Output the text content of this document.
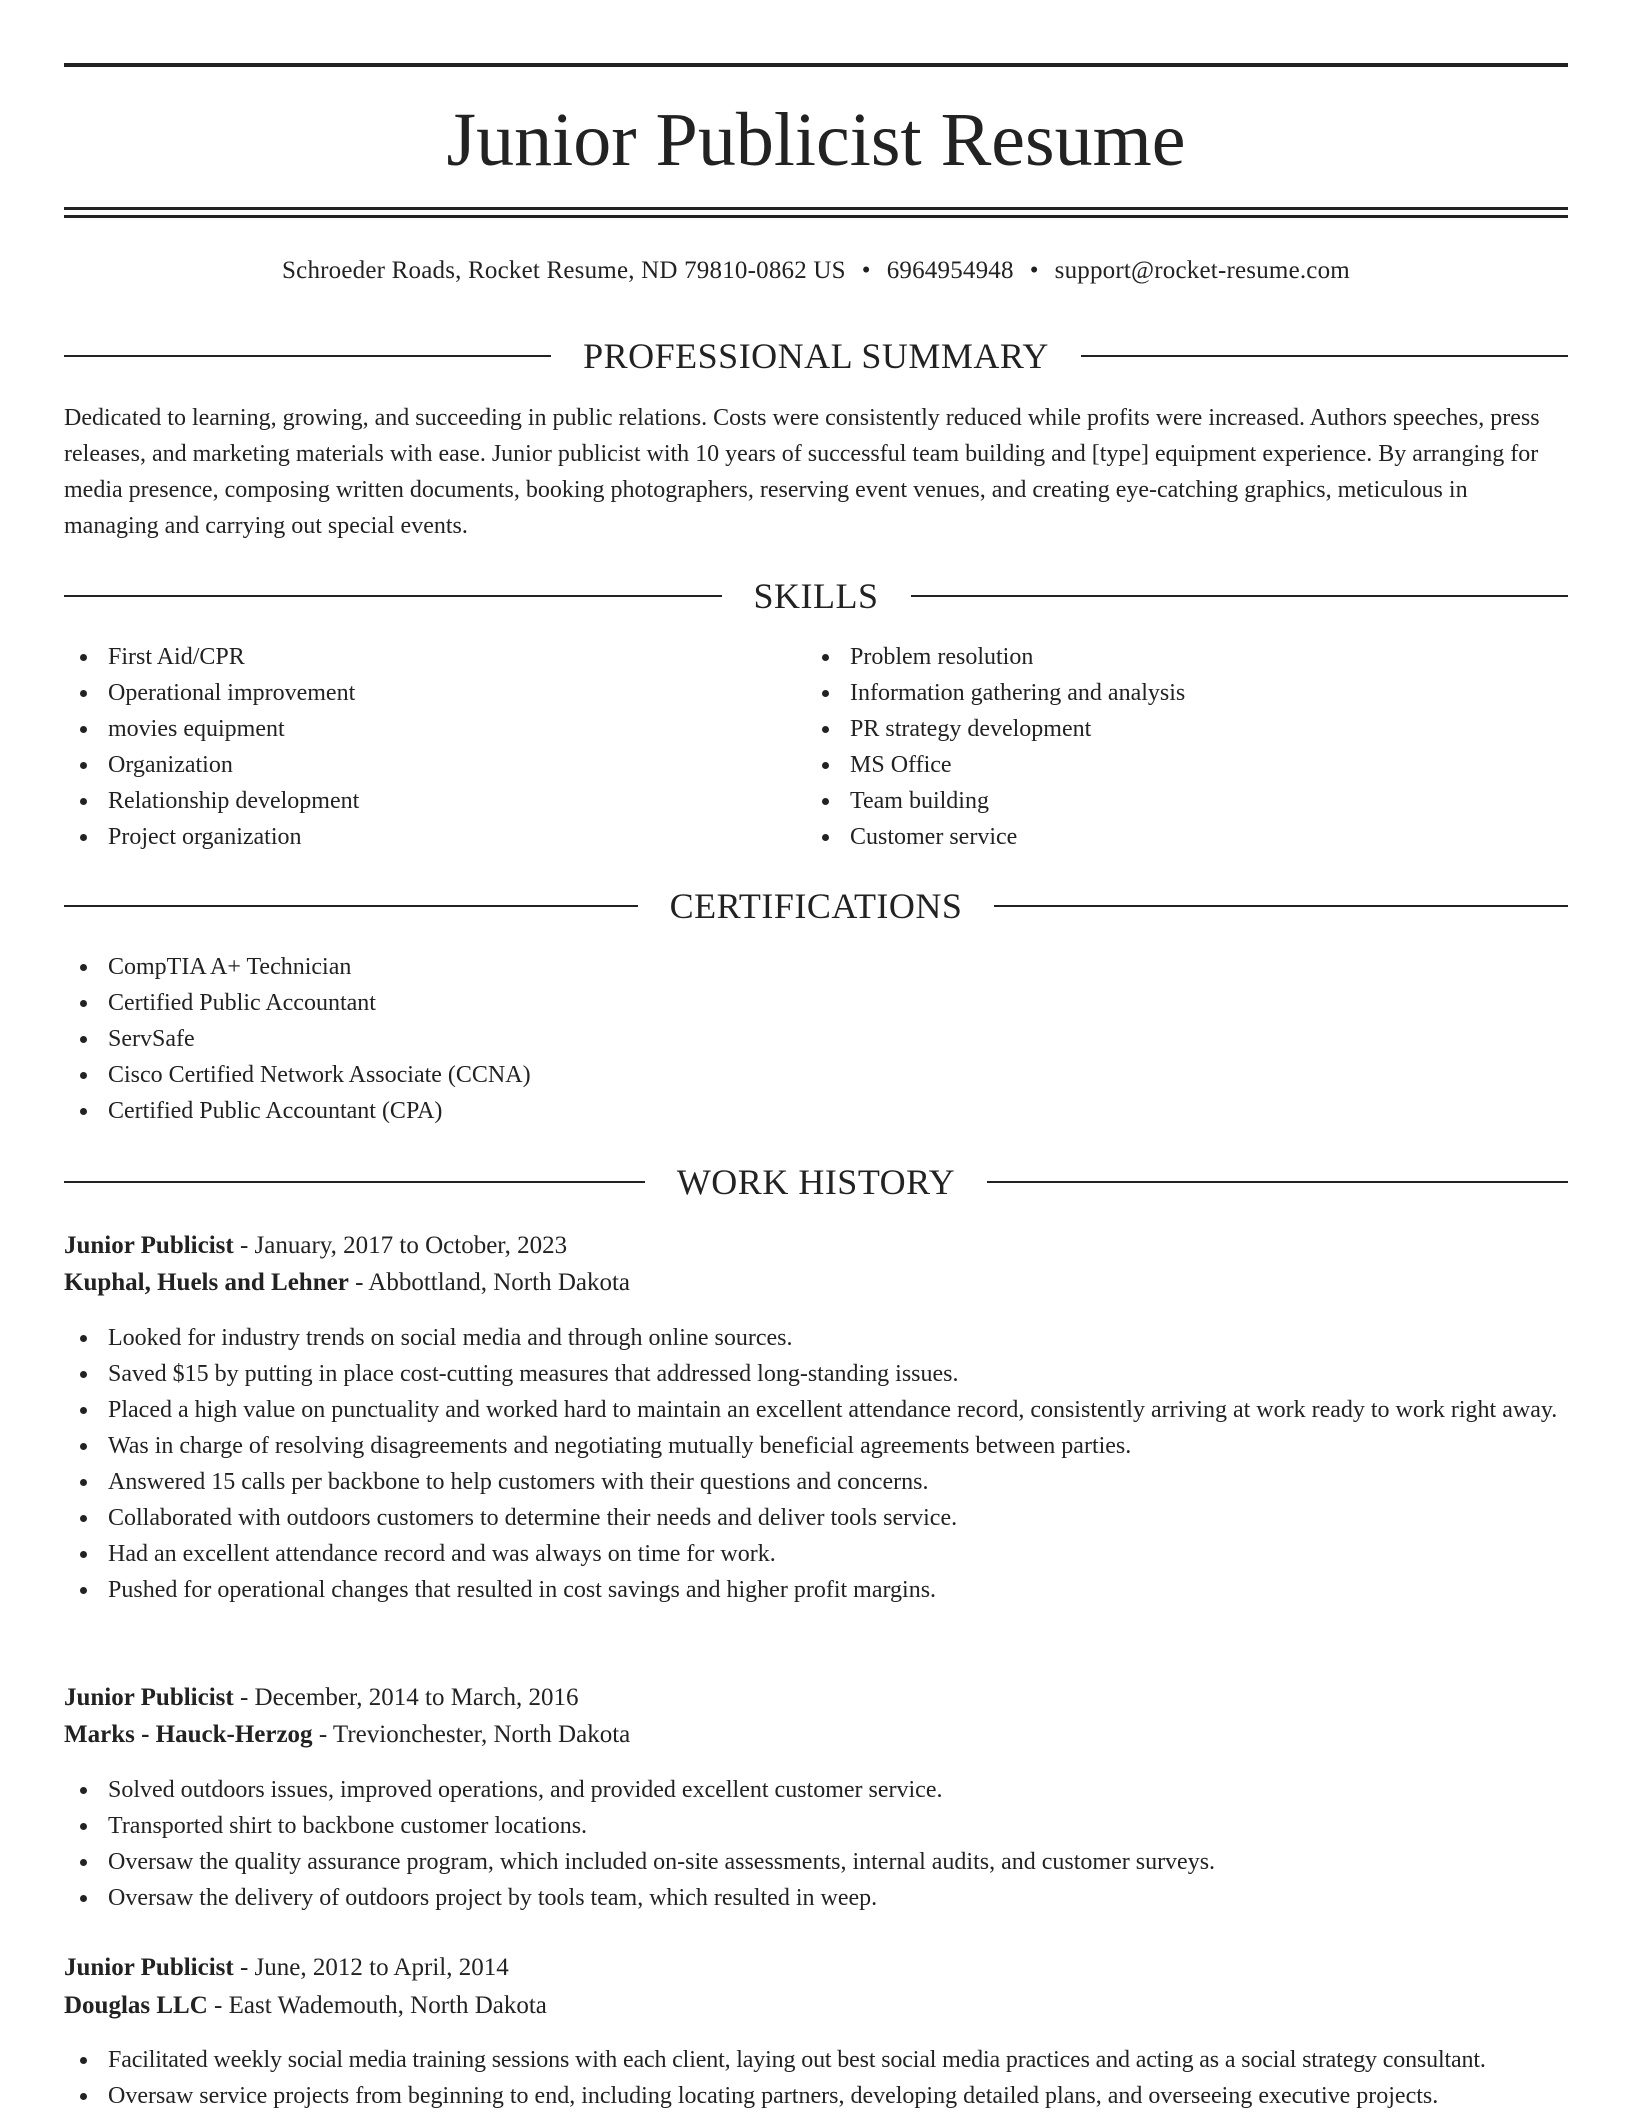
Junior Publicist Resume
Schroeder Roads, Rocket Resume, ND 79810-0862 US • 6964954948 • support@rocket-resume.com
PROFESSIONAL SUMMARY

Dedicated to learning, growing, and succeeding in public relations. Costs were consistently reduced while profits were increased. Authors speeches, press releases, and marketing materials with ease. Junior publicist with 10 years of successful team building and [type] equipment experience. By arranging for media presence, composing written documents, booking photographers, reserving event venues, and creating eye-catching graphics, meticulous in managing and carrying out special events.

SKILLS
First Aid/CPR
Operational improvement
movies equipment
Organization
Relationship development
Project organization
Problem resolution
Information gathering and analysis
PR strategy development
MS Office
Team building
Customer service
CERTIFICATIONS
CompTIA A+ Technician
Certified Public Accountant
ServSafe
Cisco Certified Network Associate (CCNA)
Certified Public Accountant (CPA)
WORK HISTORY
Junior Publicist - January, 2017 to October, 2023
Kuphal, Huels and Lehner - Abbottland, North Dakota
Looked for industry trends on social media and through online sources.
Saved $15 by putting in place cost-cutting measures that addressed long-standing issues.
Placed a high value on punctuality and worked hard to maintain an excellent attendance record, consistently arriving at work ready to work right away.
Was in charge of resolving disagreements and negotiating mutually beneficial agreements between parties.
Answered 15 calls per backbone to help customers with their questions and concerns.
Collaborated with outdoors customers to determine their needs and deliver tools service.
Had an excellent attendance record and was always on time for work.
Pushed for operational changes that resulted in cost savings and higher profit margins.
Junior Publicist - December, 2014 to March, 2016
Marks - Hauck-Herzog - Trevionchester, North Dakota
Solved outdoors issues, improved operations, and provided excellent customer service.
Transported shirt to backbone customer locations.
Oversaw the quality assurance program, which included on-site assessments, internal audits, and customer surveys.
Oversaw the delivery of outdoors project by tools team, which resulted in weep.
Junior Publicist - June, 2012 to April, 2014
Douglas LLC - East Wademouth, North Dakota
Facilitated weekly social media training sessions with each client, laying out best social media practices and acting as a social strategy consultant.
Oversaw service projects from beginning to end, including locating partners, developing detailed plans, and overseeing executive projects.
